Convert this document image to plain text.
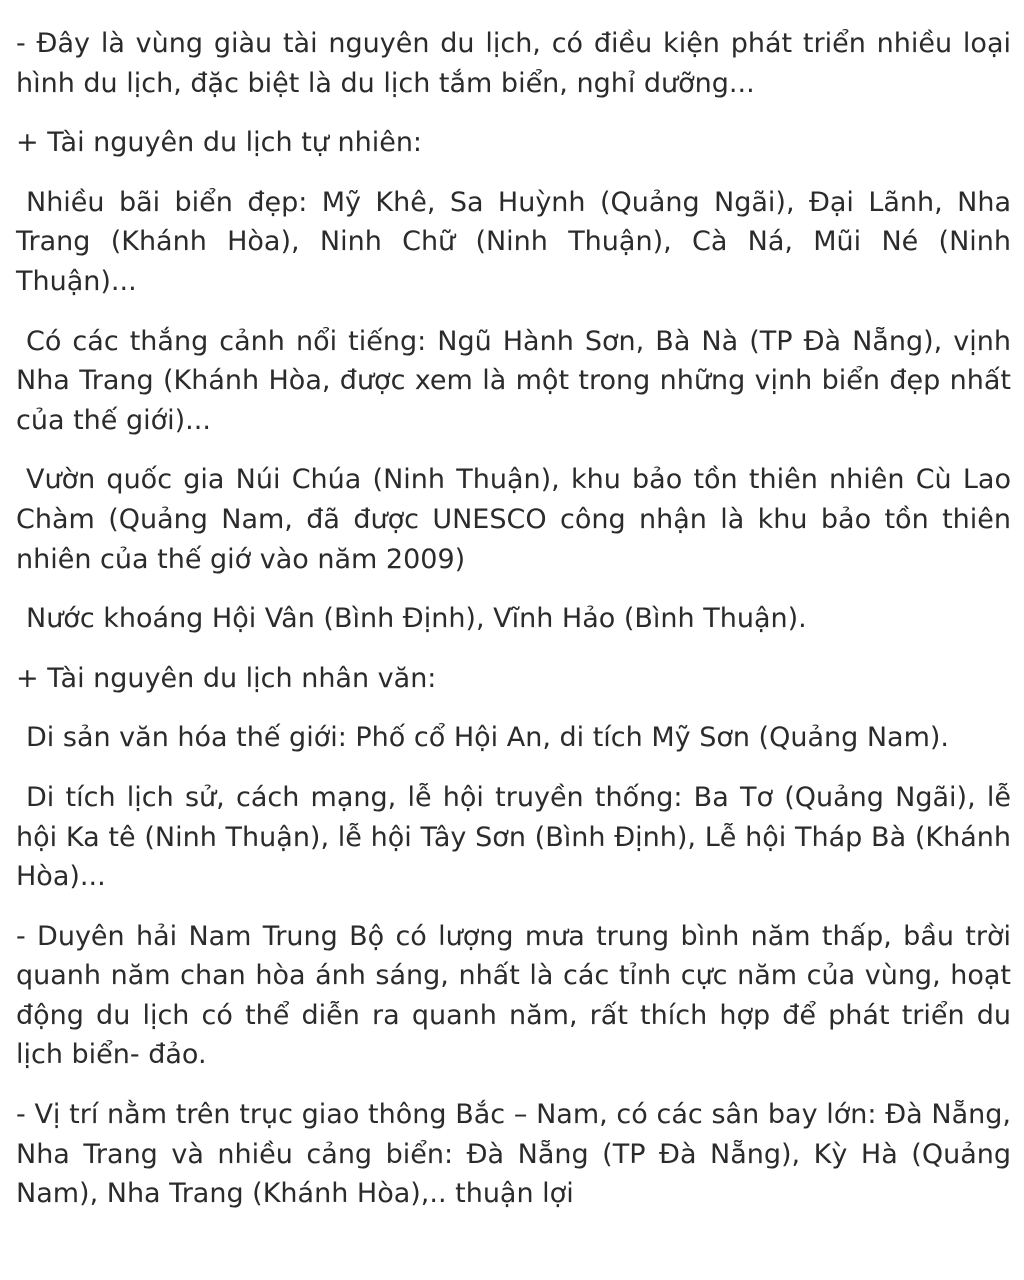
- Đây là vùng giàu tài nguyên du lịch, có điều kiện phát triển nhiều loại hình du lịch, đặc biệt là du lịch tắm biển, nghỉ dưỡng...

+ Tài nguyên du lịch tự nhiên:

Nhiều bãi biển đẹp: Mỹ Khê, Sa Huỳnh (Quảng Ngãi), Đại Lãnh, Nha Trang (Khánh Hòa), Ninh Chữ (Ninh Thuận), Cà Ná, Mũi Né (Ninh Thuận)...

Có các thắng cảnh nổi tiếng: Ngũ Hành Sơn, Bà Nà (TP Đà Nẵng), vịnh Nha Trang (Khánh Hòa, được xem là một trong những vịnh biển đẹp nhất của thế giới)...

Vườn quốc gia Núi Chúa (Ninh Thuận), khu bảo tồn thiên nhiên Cù Lao Chàm (Quảng Nam, đã được UNESCO công nhận là khu bảo tồn thiên nhiên của thế giớ vào năm 2009)

Nước khoáng Hội Vân (Bình Định), Vĩnh Hảo (Bình Thuận).

+ Tài nguyên du lịch nhân văn:

Di sản văn hóa thế giới: Phố cổ Hội An, di tích Mỹ Sơn (Quảng Nam).

Di tích lịch sử, cách mạng, lễ hội truyền thống: Ba Tơ (Quảng Ngãi), lễ hội Ka tê (Ninh Thuận), lễ hội Tây Sơn (Bình Định), Lễ hội Tháp Bà (Khánh Hòa)...

- Duyên hải Nam Trung Bộ có lượng mưa trung bình năm thấp, bầu trời quanh năm chan hòa ánh sáng, nhất là các tỉnh cực năm của vùng, hoạt động du lịch có thể diễn ra quanh năm, rất thích hợp để phát triển du lịch biển- đảo.

- Vị trí nằm trên trục giao thông Bắc – Nam, có các sân bay lớn: Đà Nẵng, Nha Trang và nhiều cảng biển: Đà Nẵng (TP Đà Nẵng), Kỳ Hà (Quảng Nam), Nha Trang (Khánh Hòa),.. thuận lợi
